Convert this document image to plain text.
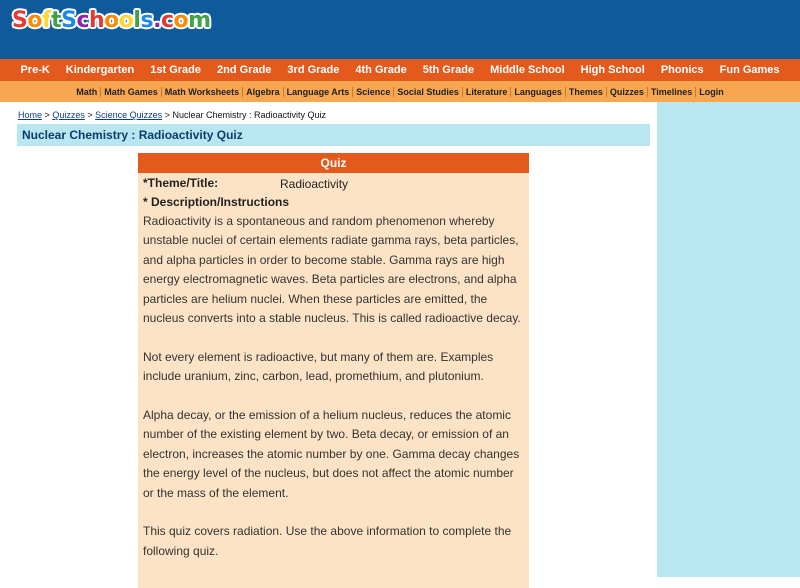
SoftSchools.com
Pre-K Kindergarten 1st Grade 2nd Grade 3rd Grade 4th Grade 5th Grade Middle School High School Phonics Fun Games
Math Math Games Math Worksheets Algebra Language Arts Science Social Studies Literature Languages Themes Quizzes Timelines Login
Home > Quizzes > Science Quizzes > Nuclear Chemistry : Radioactivity Quiz
Nuclear Chemistry : Radioactivity Quiz
Quiz
*Theme/Title:	Radioactivity
* Description/Instructions

Radioactivity is a spontaneous and random phenomenon whereby unstable nuclei of certain elements radiate gamma rays, beta particles, and alpha particles in order to become stable. Gamma rays are high energy electromagnetic waves. Beta particles are electrons, and alpha particles are helium nuclei. When these particles are emitted, the nucleus converts into a stable nucleus. This is called radioactive decay.

Not every element is radioactive, but many of them are. Examples include uranium, zinc, carbon, lead, promethium, and plutonium.

Alpha decay, or the emission of a helium nucleus, reduces the atomic number of the existing element by two. Beta decay, or emission of an electron, increases the atomic number by one. Gamma decay changes the energy level of the nucleus, but does not affect the atomic number or the mass of the element.

This quiz covers radiation. Use the above information to complete the following quiz.
